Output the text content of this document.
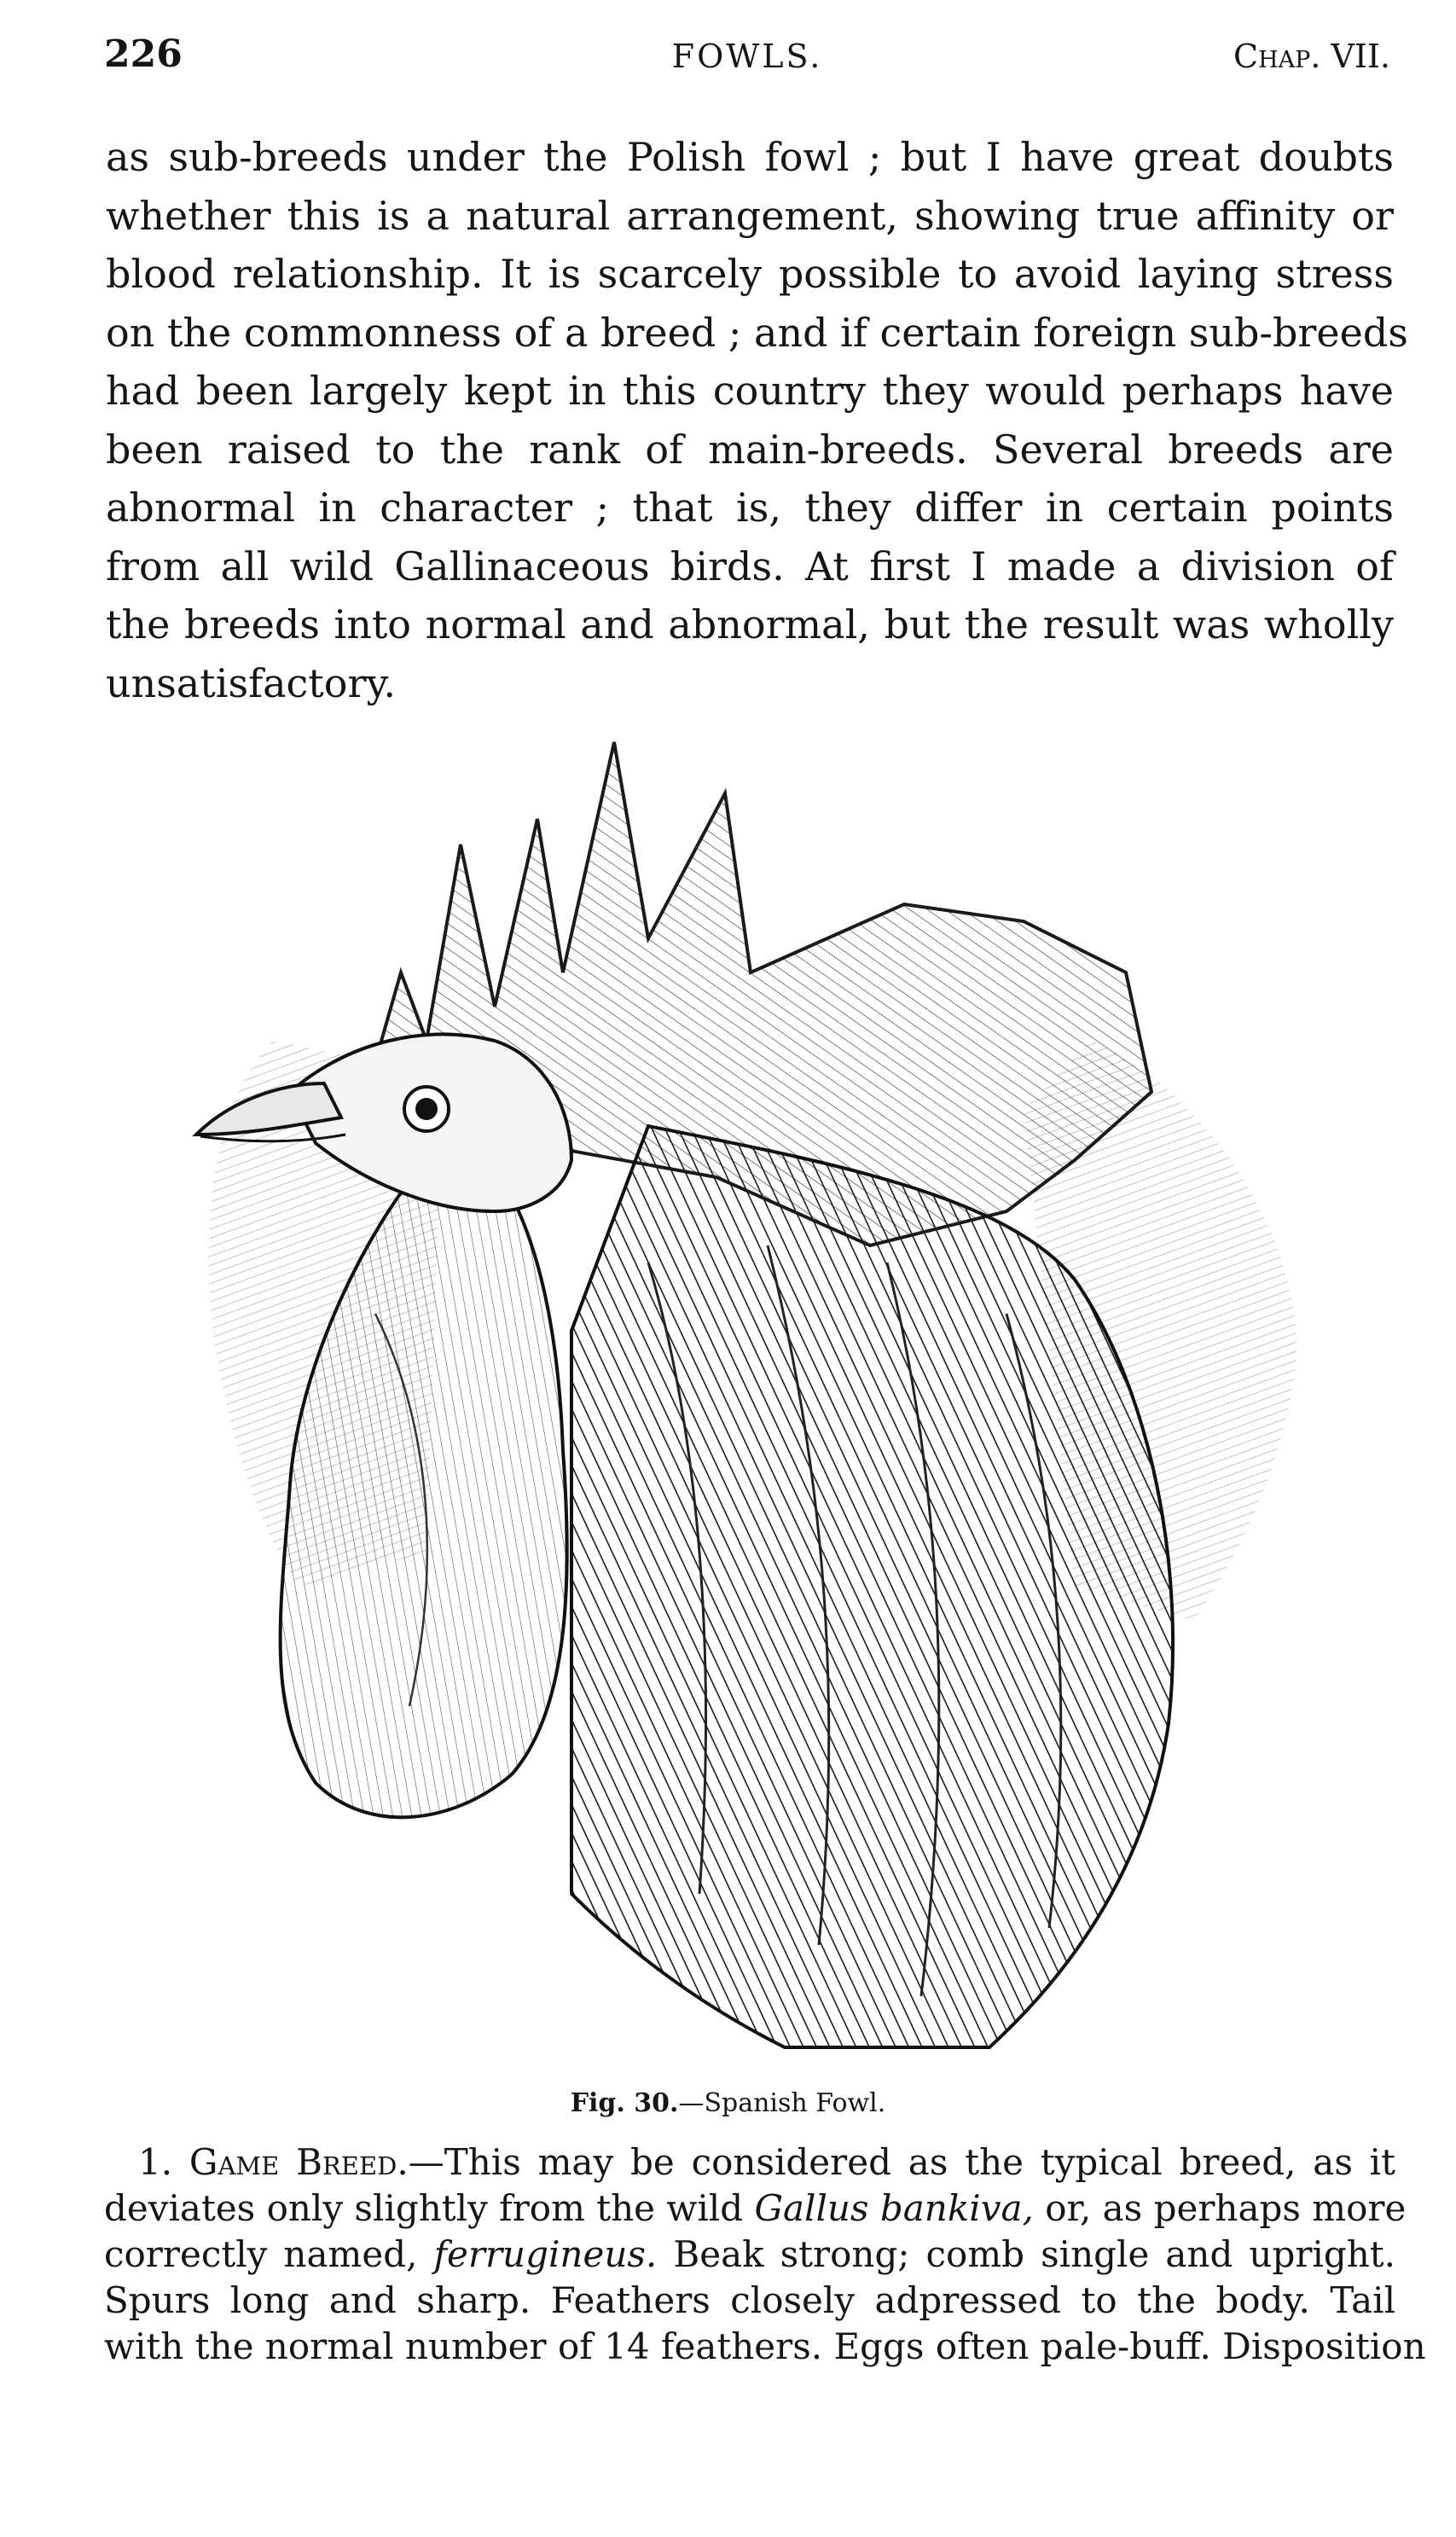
226	FOWLS.	Chap. VII.

as sub-breeds under the Polish fowl ; but I have great doubts
whether this is a natural arrangement, showing true affinity or
blood relationship. It is scarcely possible to avoid laying stress
on the commonness of a breed ; and if certain foreign sub-breeds
had been largely kept in this country they would perhaps have
been raised to the rank of main-breeds. Several breeds are
abnormal in character ; that is, they differ in certain points
from all wild Gallinaceous birds. At first I made a division of
the breeds into normal and abnormal, but the result was wholly
unsatisfactory.

Fig. 30.—Spanish Fowl.

1. Game Breed.—This may be considered as the typical breed, as it
deviates only slightly from the wild Gallus bankiva, or, as perhaps more
correctly named, ferrugineus. Beak strong; comb single and upright.
Spurs long and sharp. Feathers closely adpressed to the body. Tail
with the normal number of 14 feathers. Eggs often pale-buff. Disposition
